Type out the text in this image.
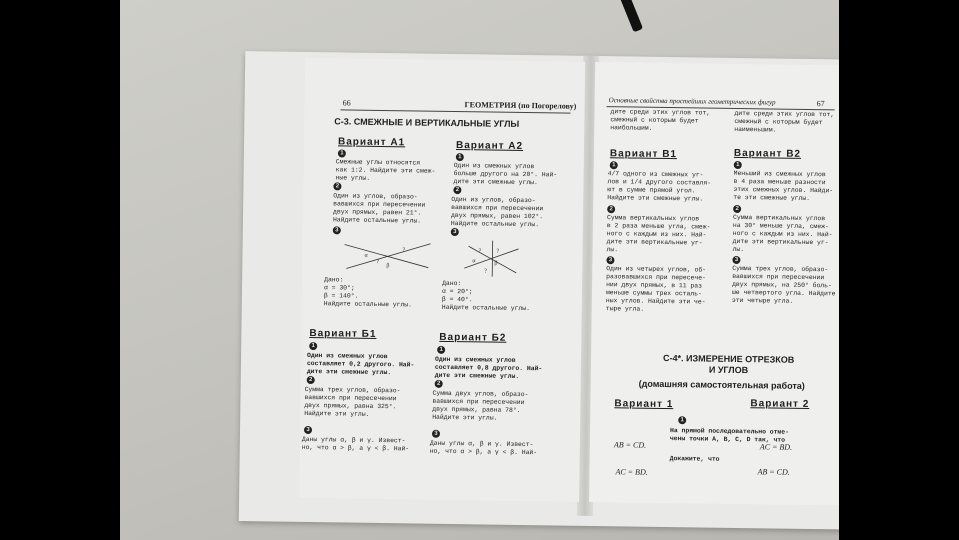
66	ГЕОМЕТРИЯ (по Погорелову)
С-3. СМЕЖНЫЕ И ВЕРТИКАЛЬНЫЕ УГЛЫ
Вариант А1
1
Смежные углы относятся
как 1:2. Найдите эти смеж-
ные углы.
2
Один из углов, образо-
вавшихся при пересечении
двух прямых, равен 21°.
Найдите остальные углы.
3
α
β
?
?
Дано:
α = 30°;
β = 140°.
Найдите остальные углы.
Вариант А2
1
Один из смежных углов
больше другого на 20°. Най-
дите эти смежные углы.
2
Один из углов, образо-
вавшихся при пересечении
двух прямых, равен 102°.
Найдите остальные углы.
3
?	?
α	β
?
Дано:
α = 20°;
β = 40°.
Найдите остальные углы.
Вариант Б1
1
Один из смежных углов
составляет 0,2 другого. Най-
дите эти смежные углы.
2
Сумма трех углов, образо-
вавшихся при пересечении
двух прямых, равна 325°.
Найдите эти углы.
3
Даны углы α, β и γ. Извест-
но, что α > β, а γ < β. Най-
Вариант Б2
1
Один из смежных углов
составляет 0,8 другого. Най-
дите эти смежные углы.
2
Сумма двух углов, образо-
вавшихся при пересечении
двух прямых, равна 78°.
Найдите эти углы.
3
Даны углы α, β и γ. Извест-
но, что α > β, а γ < β. Най-
Основные свойства простейших геометрических фигур	67
дите среди этих углов тот,
смежный с которым будет
наибольшим.
дите среди этих углов тот,
смежный с которым будет
наименьшим.
Вариант В1
1
4/7 одного из смежных уг-
лов и 1/4 другого составля-
ют в сумме прямой угол.
Найдите эти смежные углы.
2
Сумма вертикальных углов
в 2 раза меньше угла, смеж-
ного с каждым из них. Най-
дите эти вертикальные уг-
лы.
3
Один из четырех углов, об-
разовавшихся при пересече-
нии двух прямых, в 11 раз
меньше суммы трех осталь-
ных углов. Найдите эти че-
тыре угла.
Вариант В2
1
Меньший из смежных углов
в 4 раза меньше разности
этих смежных углов. Найди-
те эти смежные углы.
2
Сумма вертикальных углов
на 30° меньше угла, смеж-
ного с каждым из них. Най-
дите эти вертикальные уг-
лы.
3
Сумма трех углов, образо-
вавшихся при пересечении
двух прямых, на 250° боль-
ше четвертого угла. Найдите
эти четыре угла.
С-4*. ИЗМЕРЕНИЕ ОТРЕЗКОВ
И УГЛОВ
(домашняя самостоятельная работа)
Вариант 1	Вариант 2
1
На прямой последовательно отме-
чены точки A, B, C, D так, что
AB = CD.	AC = BD.
Докажите, что
AC = BD.	AB = CD.
